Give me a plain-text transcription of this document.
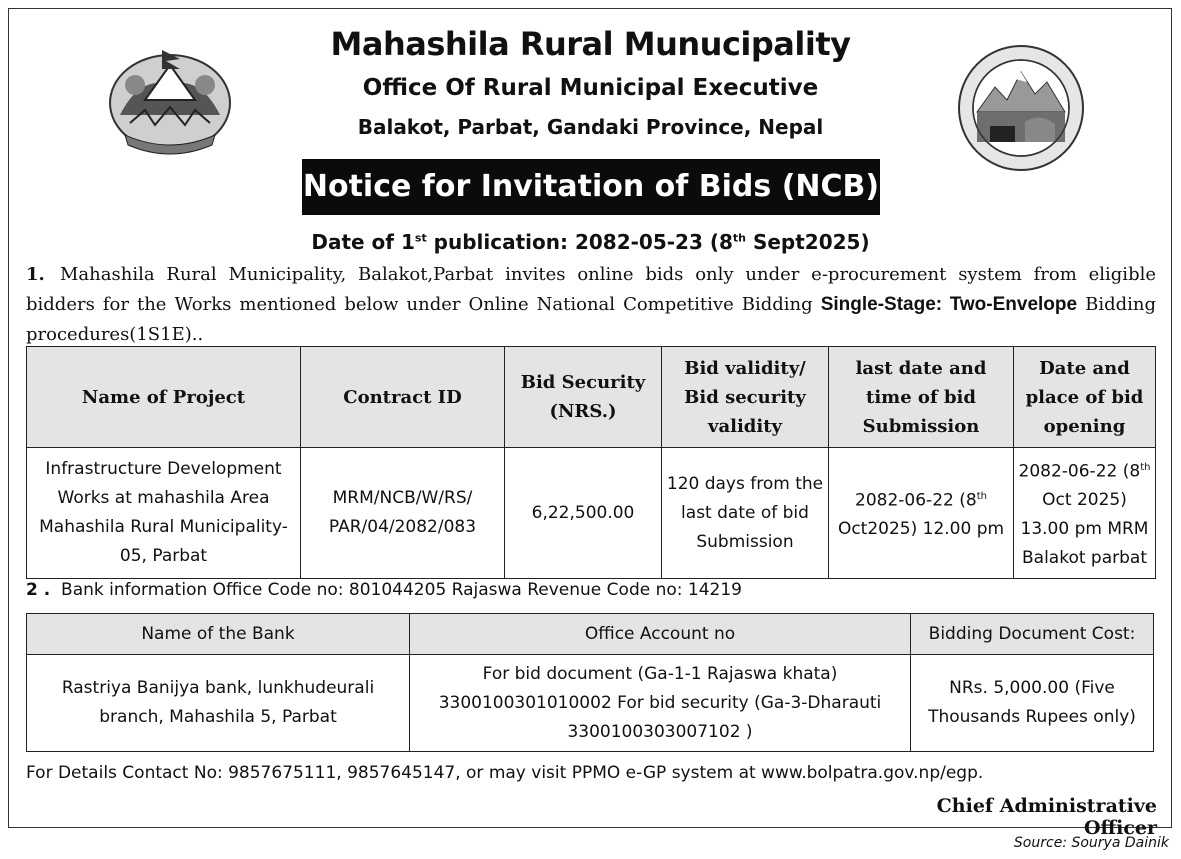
Mahashila Rural Munucipality
Office Of Rural Municipal Executive
Balakot, Parbat, Gandaki Province, Nepal
Notice for Invitation of Bids (NCB)
Date of 1st publication: 2082-05-23 (8th Sept2025)
1. Mahashila Rural Municipality, Balakot,Parbat invites online bids only under e-procurement system from eligible bidders for the Works mentioned below under Online National Competitive Bidding Single-Stage: Two-Envelope Bidding procedures(1S1E)..
Name of Project	Contract ID	Bid Security (NRS.)	Bid validity/ Bid security validity	last date and time of bid Submission	Date and place of bid opening
Infrastructure Development Works at mahashila Area Mahashila Rural Municipality-05, Parbat	MRM/NCB/W/RS/ PAR/04/2082/083	6,22,500.00	120 days from the last date of bid Submission	2082-06-22 (8th Oct2025) 12.00 pm	2082-06-22 (8th Oct 2025) 13.00 pm MRM Balakot parbat
2 . Bank information Office Code no: 801044205 Rajaswa Revenue Code no: 14219
Name of the Bank	Office Account no	Bidding Document Cost:
Rastriya Banijya bank, lunkhudeurali branch, Mahashila 5, Parbat	For bid document (Ga-1-1 Rajaswa khata) 3300100301010002 For bid security (Ga-3-Dharauti 3300100303007102 )	NRs. 5,000.00 (Five Thousands Rupees only)
For Details Contact No: 9857675111, 9857645147, or may visit PPMO e-GP system at www.bolpatra.gov.np/egp.
Chief Administrative Officer
Source: Sourya Dainik
